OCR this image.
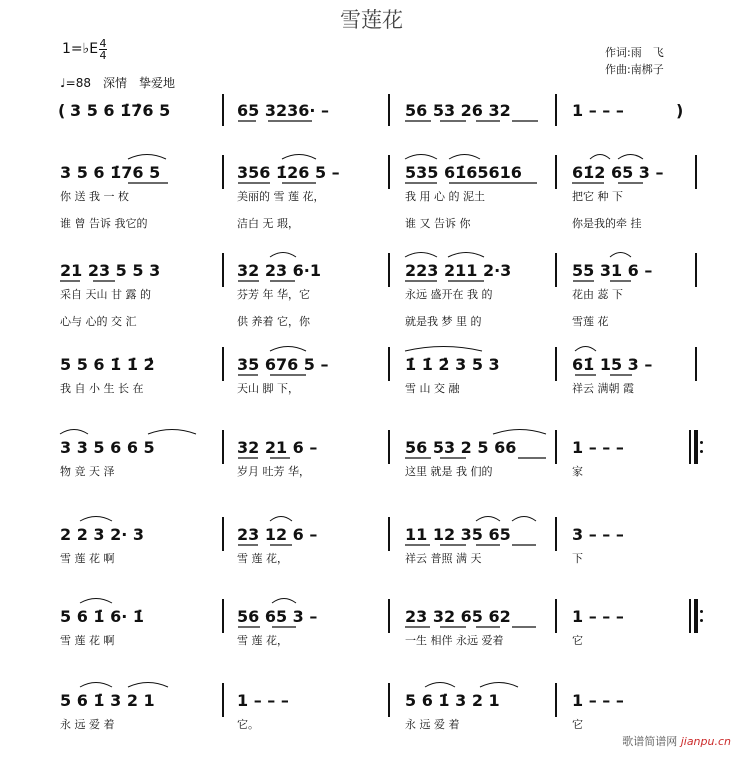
雪莲花
1=♭E 4
4
♩=88　深情　挚爱地
作词:雨　飞
作曲:南梆子
(	)
3 5 6 1̇7̇6 5	65 3236· –	56 53 26 32	1 – – –
3 5 6 1̇76 5	356 1̇26 5 –	535 61̇65616	61̇2 65 3 –
你 送 我 一 枚	美丽的 雪 莲 花，	我 用 心 的 泥土	把它 种 下
谁 曾 告诉 我它的	洁白 无 瑕，	谁 又 告诉 你	你是我的牵 挂
21 23 5 5 3	32 23 6·1	223 211 2·3	55 31 6 –
采自 天山 甘 露 的	芬芳 年 华，它	永远 盛开在 我 的	花由 蕊 下
心与 心的 交 汇	供 养着 它，你	就是我 梦 里 的	雪莲 花
5 5 6 1̇ 1̇ 2̇	35 676 5 –	1̇ 1̇ 2̇ 3 5 3	61̇ 15 3 –
我 自 小 生 长 在	天山 脚 下，	雪 山 交 融	祥云 满朝 霞
3 3 5 6 6 5	32 21 6 –	56 53 2 5 66	1 – – –
物 竞 天 泽	岁月 吐芳 华，	这里 就是 我 们的	家
2 2 3 2· 3	23 12 6 –	11 12 35 65	3 – – –
雪 莲 花 啊	雪 莲 花，	祥云 普照 满 天	下
5 6 1̇ 6· 1̇	56 65 3 –	23 32 65 62	1 – – –
雪 莲 花 啊	雪 莲 花，	一生 相伴 永远 爱着	它
5 6 1̇ 3 2 1	1 – – –	5 6 1̇ 3 2 1	1 – – –
永 远 爱 着	它。	永 远 爱 着	它
歌谱简谱网 jianpu.cn
